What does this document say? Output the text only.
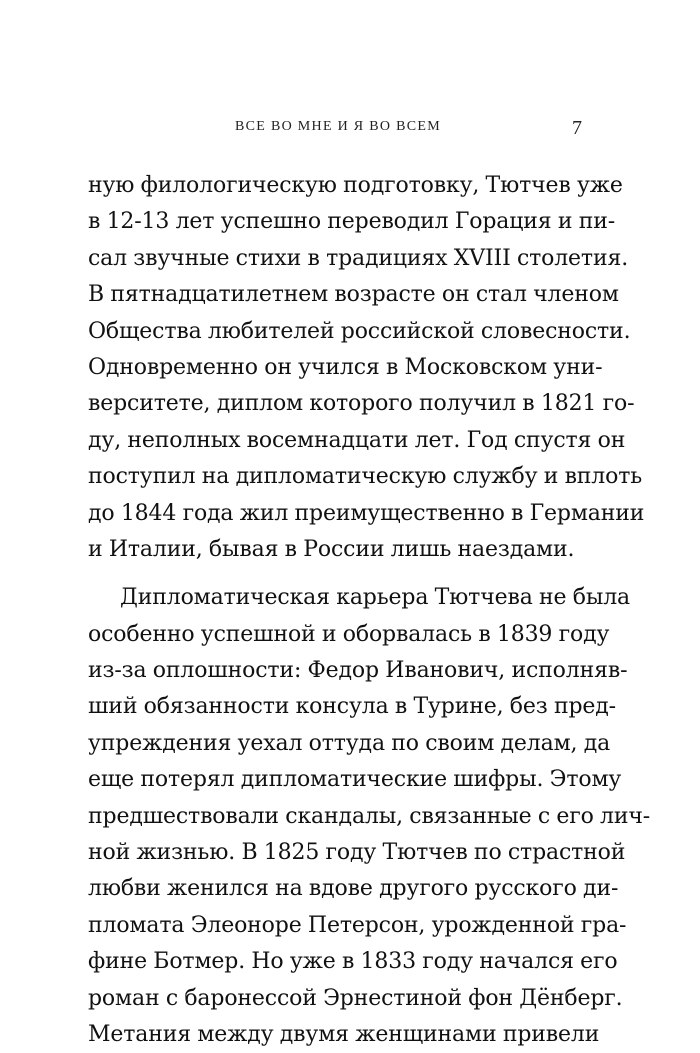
ВСЕ ВО МНЕ И Я ВО ВСЕМ	7
ную филологическую подготовку, Тютчев уже
в 12-13 лет успешно переводил Горация и пи-
сал звучные стихи в традициях XVIII столетия.
В пятнадцатилетнем возрасте он стал членом
Общества любителей российской словесности.
Одновременно он учился в Московском уни-
верситете, диплом которого получил в 1821 го-
ду, неполных восемнадцати лет. Год спустя он
поступил на дипломатическую службу и вплоть
до 1844 года жил преимущественно в Германии
и Италии, бывая в России лишь наездами.
Дипломатическая карьера Тютчева не была
особенно успешной и оборвалась в 1839 году
из-за оплошности: Федор Иванович, исполняв-
ший обязанности консула в Турине, без пред-
упреждения уехал оттуда по своим делам, да
еще потерял дипломатические шифры. Этому
предшествовали скандалы, связанные с его лич-
ной жизнью. В 1825 году Тютчев по страстной
любви женился на вдове другого русского ди-
пломата Элеоноре Петерсон, урожденной гра-
фине Ботмер. Но уже в 1833 году начался его
роман с баронессой Эрнестиной фон Дёнберг.
Метания между двумя женщинами привели
